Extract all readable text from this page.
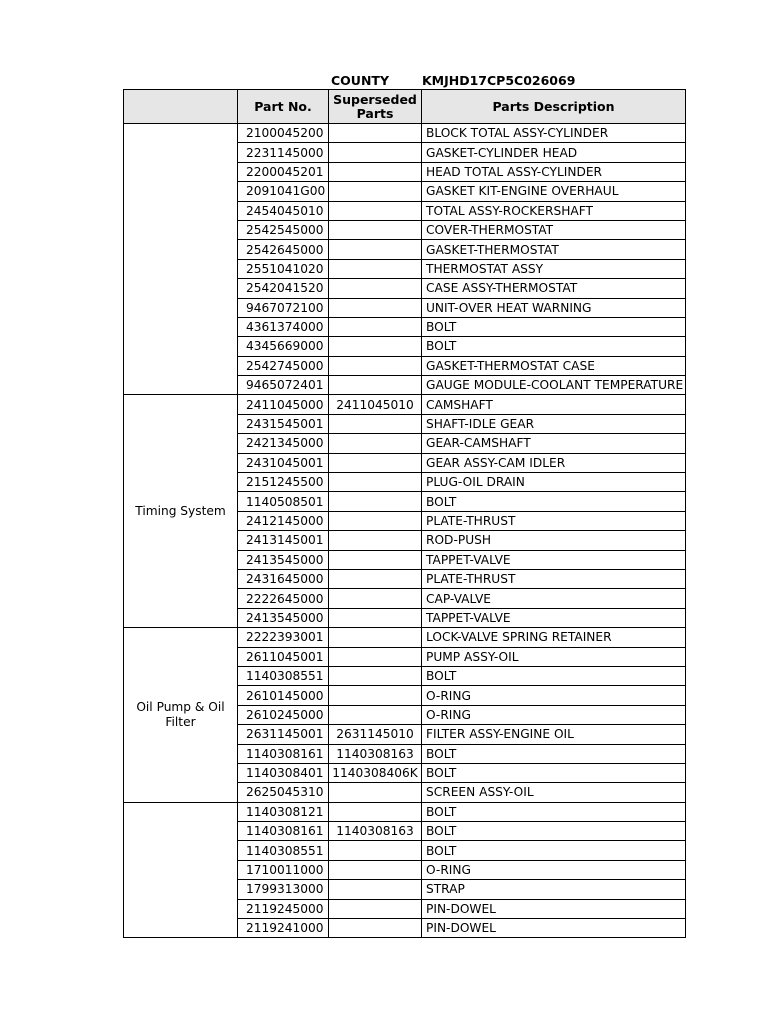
COUNTY	KMJHD17CP5C026069
	Part No.	Superseded Parts	Parts Description
	2100045200		BLOCK TOTAL ASSY-CYLINDER
	2231145000		GASKET-CYLINDER HEAD
	2200045201		HEAD TOTAL ASSY-CYLINDER
	2091041G00		GASKET KIT-ENGINE OVERHAUL
	2454045010		TOTAL ASSY-ROCKERSHAFT
	2542545000		COVER-THERMOSTAT
	2542645000		GASKET-THERMOSTAT
	2551041020		THERMOSTAT ASSY
	2542041520		CASE ASSY-THERMOSTAT
	9467072100		UNIT-OVER HEAT WARNING
	4361374000		BOLT
	4345669000		BOLT
	2542745000		GASKET-THERMOSTAT CASE
	9465072401		GAUGE MODULE-COOLANT TEMPERATURE
Timing System	2411045000	2411045010	CAMSHAFT
	2431545001		SHAFT-IDLE GEAR
	2421345000		GEAR-CAMSHAFT
	2431045001		GEAR ASSY-CAM IDLER
	2151245500		PLUG-OIL DRAIN
	1140508501		BOLT
	2412145000		PLATE-THRUST
	2413145001		ROD-PUSH
	2413545000		TAPPET-VALVE
	2431645000		PLATE-THRUST
	2222645000		CAP-VALVE
	2413545000		TAPPET-VALVE
Oil Pump & Oil Filter	2222393001		LOCK-VALVE SPRING RETAINER
	2611045001		PUMP ASSY-OIL
	1140308551		BOLT
	2610145000		O-RING
	2610245000		O-RING
	2631145001	2631145010	FILTER ASSY-ENGINE OIL
	1140308161	1140308163	BOLT
	1140308401	1140308406K	BOLT
	2625045310		SCREEN ASSY-OIL
	1140308121		BOLT
	1140308161	1140308163	BOLT
	1140308551		BOLT
	1710011000		O-RING
	1799313000		STRAP
	2119245000		PIN-DOWEL
	2119241000		PIN-DOWEL
